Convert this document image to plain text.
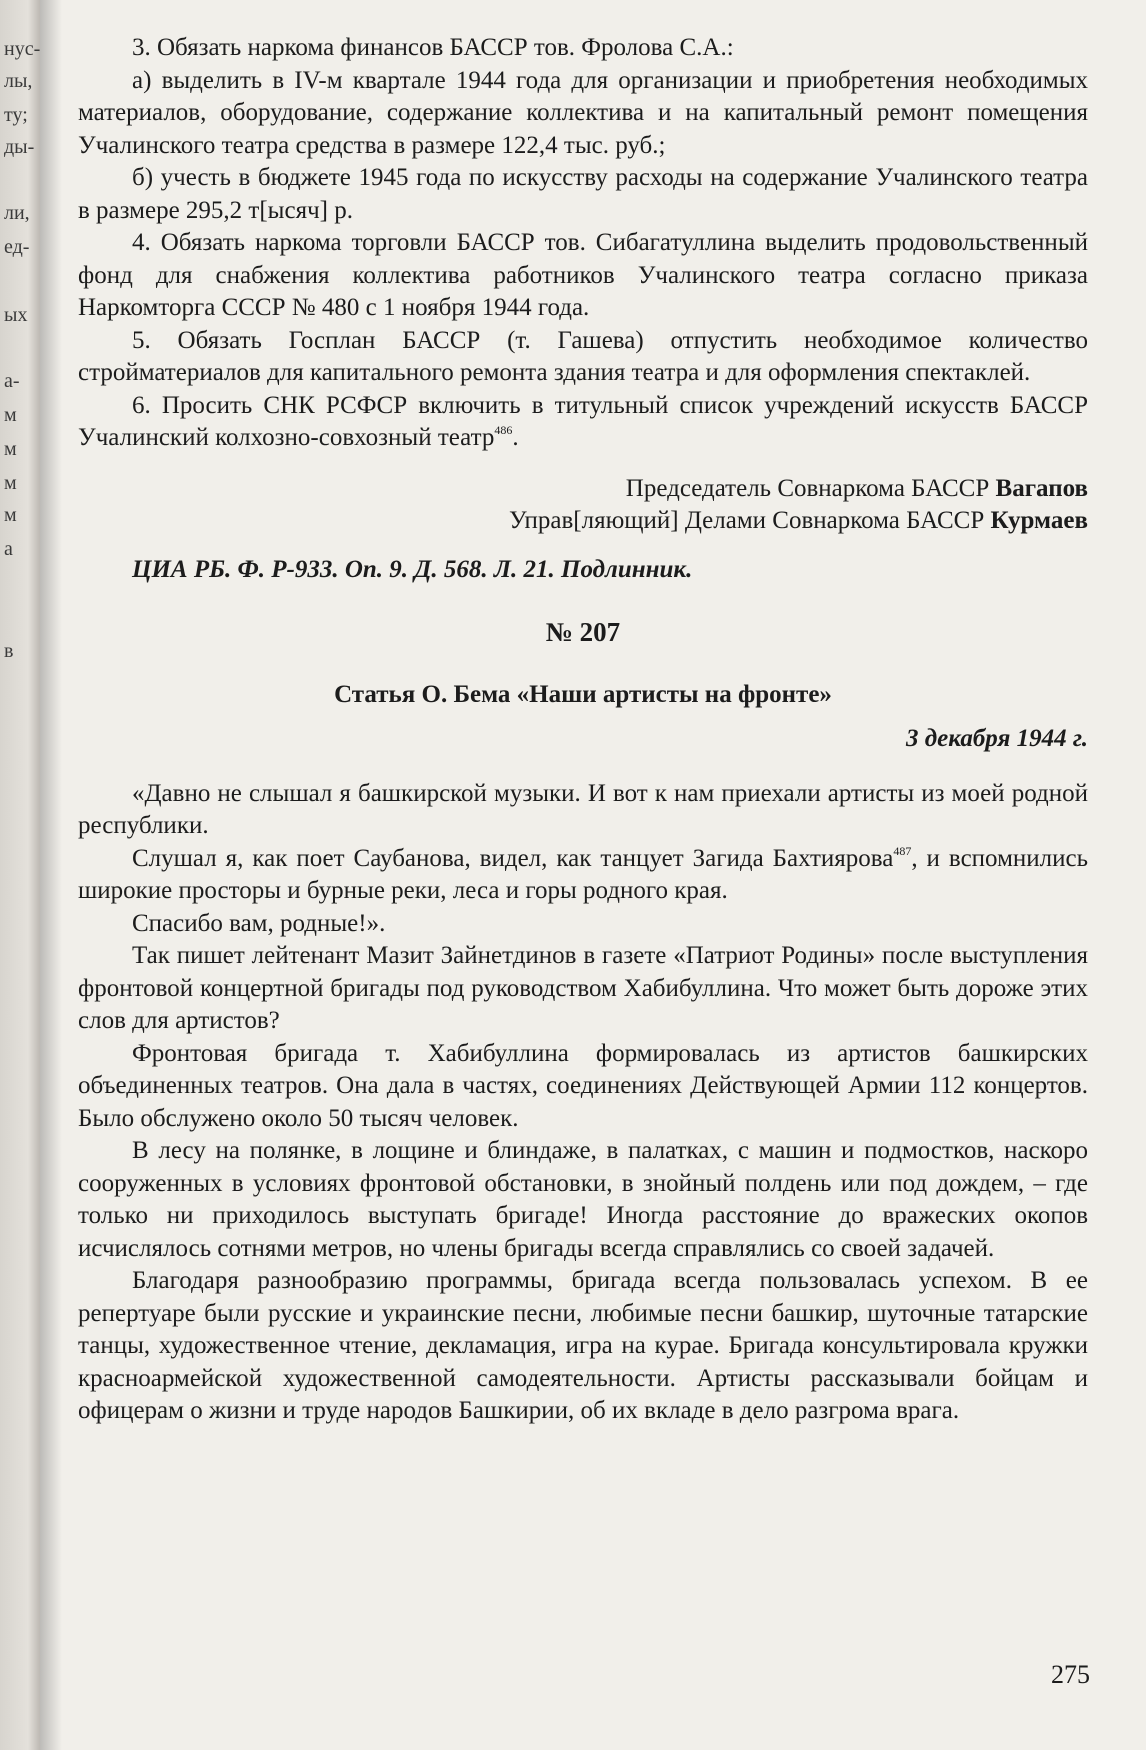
нус-
лы,
ту;
ды-
ли,
ед-
ых
а-
м
м
м
м
а
в

3. Обязать наркома финансов БАССР тов. Фролова С.А.:

а) выделить в IV-м квартале 1944 года для организации и приобретения необходимых материалов, оборудование, содержание коллектива и на капитальный ремонт помещения Учалинского театра средства в размере 122,4 тыс. руб.;

б) учесть в бюджете 1945 года по искусству расходы на содержание Учалинского театра в размере 295,2 т[ысяч] р.

4. Обязать наркома торговли БАССР тов. Сибагатуллина выделить продовольственный фонд для снабжения коллектива работников Учалинского театра согласно приказа Наркомторга СССР № 480 с 1 ноября 1944 года.

5. Обязать Госплан БАССР (т. Гашева) отпустить необходимое количество стройматериалов для капитального ремонта здания театра и для оформления спектаклей.

6. Просить СНК РСФСР включить в титульный список учреждений искусств БАССР Учалинский колхозно-совхозный театр$^{486}$.

Председатель Совнаркома БАССР Вагапов

Управ[ляющий] Делами Совнаркома БАССР Курмаев

ЦИА РБ. Ф. Р-933. Оп. 9. Д. 568. Л. 21. Подлинник.

№ 207

Статья О. Бема «Наши артисты на фронте»

3 декабря 1944 г.

«Давно не слышал я башкирской музыки. И вот к нам приехали артисты из моей родной республики.

Слушал я, как поет Саубанова, видел, как танцует Загида Бахтиярова$^{487}$, и вспомнились широкие просторы и бурные реки, леса и горы родного края.

Спасибо вам, родные!».

Так пишет лейтенант Мазит Зайнетдинов в газете «Патриот Родины» после выступления фронтовой концертной бригады под руководством Хабибуллина. Что может быть дороже этих слов для артистов?

Фронтовая бригада т. Хабибуллина формировалась из артистов башкирских объединенных театров. Она дала в частях, соединениях Действующей Армии 112 концертов. Было обслужено около 50 тысяч человек.

В лесу на полянке, в лощине и блиндаже, в палатках, с машин и подмостков, наскоро сооруженных в условиях фронтовой обстановки, в знойный полдень или под дождем, – где только ни приходилось выступать бригаде! Иногда расстояние до вражеских окопов исчислялось сотнями метров, но члены бригады всегда справлялись со своей задачей.

Благодаря разнообразию программы, бригада всегда пользовалась успехом. В ее репертуаре были русские и украинские песни, любимые песни башкир, шуточные татарские танцы, художественное чтение, декламация, игра на курае. Бригада консультировала кружки красноармейской художественной самодеятельности. Артисты рассказывали бойцам и офицерам о жизни и труде народов Башкирии, об их вкладе в дело разгрома врага.

275
